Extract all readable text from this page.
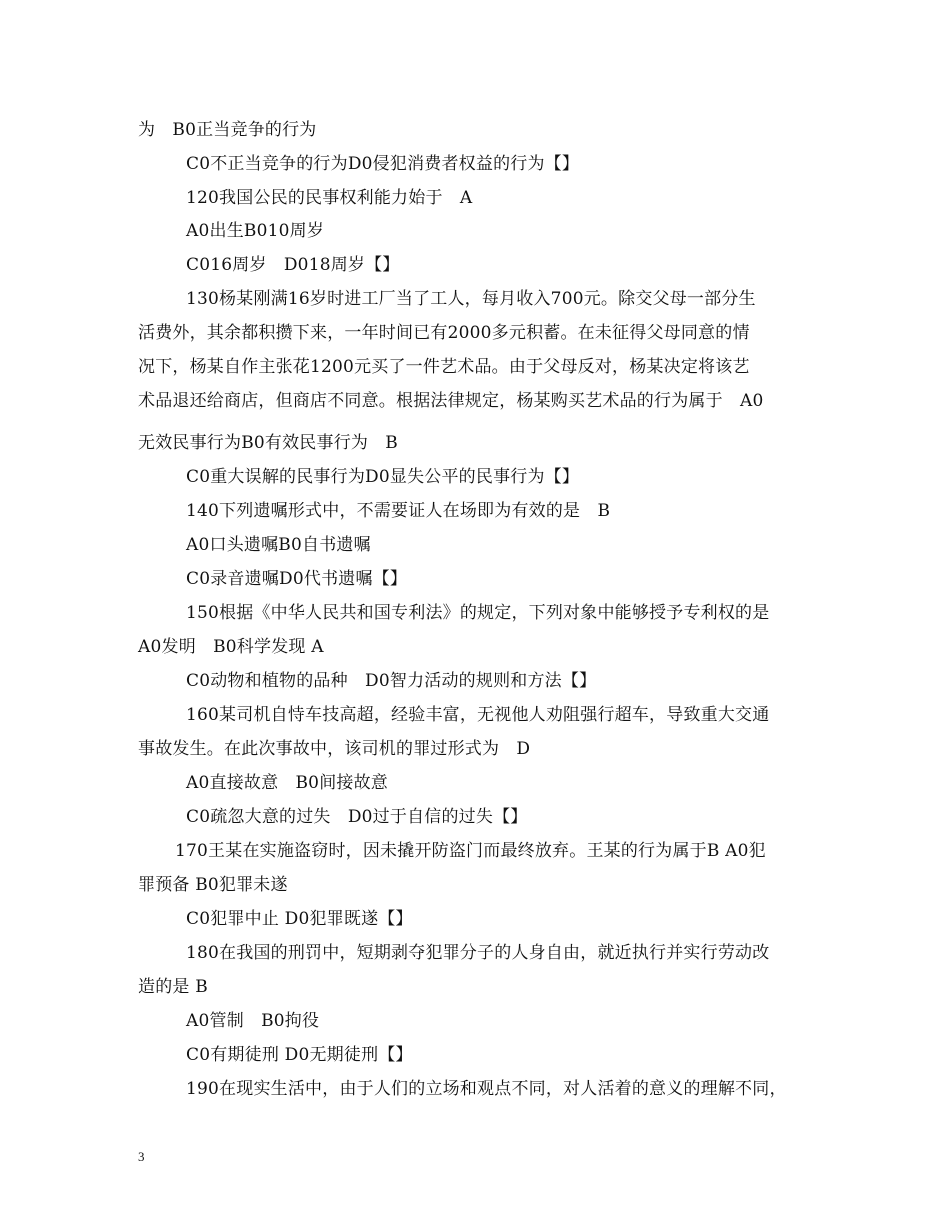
为　B0正当竞争的行为
C0不正当竞争的行为D0侵犯消费者权益的行为【】
120我国公民的民事权利能力始于　A
A0出生B010周岁
C016周岁　D018周岁【】
130杨某刚满16岁时进工厂当了工人，每月收入700元。除交父母一部分生
活费外，其余都积攒下来，一年时间已有2000多元积蓄。在未征得父母同意的情
况下，杨某自作主张花1200元买了一件艺术品。由于父母反对，杨某决定将该艺
术品退还给商店，但商店不同意。根据法律规定，杨某购买艺术品的行为属于　A0
无效民事行为B0有效民事行为　B
C0重大误解的民事行为D0显失公平的民事行为【】
140下列遗嘱形式中，不需要证人在场即为有效的是　B
A0口头遗嘱B0自书遗嘱
C0录音遗嘱D0代书遗嘱【】
150根据《中华人民共和国专利法》的规定，下列对象中能够授予专利权的是
A0发明　B0科学发现 A
C0动物和植物的品种　D0智力活动的规则和方法【】
160某司机自恃车技高超，经验丰富，无视他人劝阻强行超车，导致重大交通
事故发生。在此次事故中，该司机的罪过形式为　D
A0直接故意　B0间接故意
C0疏忽大意的过失　D0过于自信的过失【】
170王某在实施盗窃时，因未撬开防盗门而最终放弃。王某的行为属于B A0犯
罪预备 B0犯罪未遂
C0犯罪中止 D0犯罪既遂【】
180在我国的刑罚中，短期剥夺犯罪分子的人身自由，就近执行并实行劳动改
造的是 B
A0管制　B0拘役
C0有期徒刑 D0无期徒刑【】
190在现实生活中，由于人们的立场和观点不同，对人活着的意义的理解不同，
3
